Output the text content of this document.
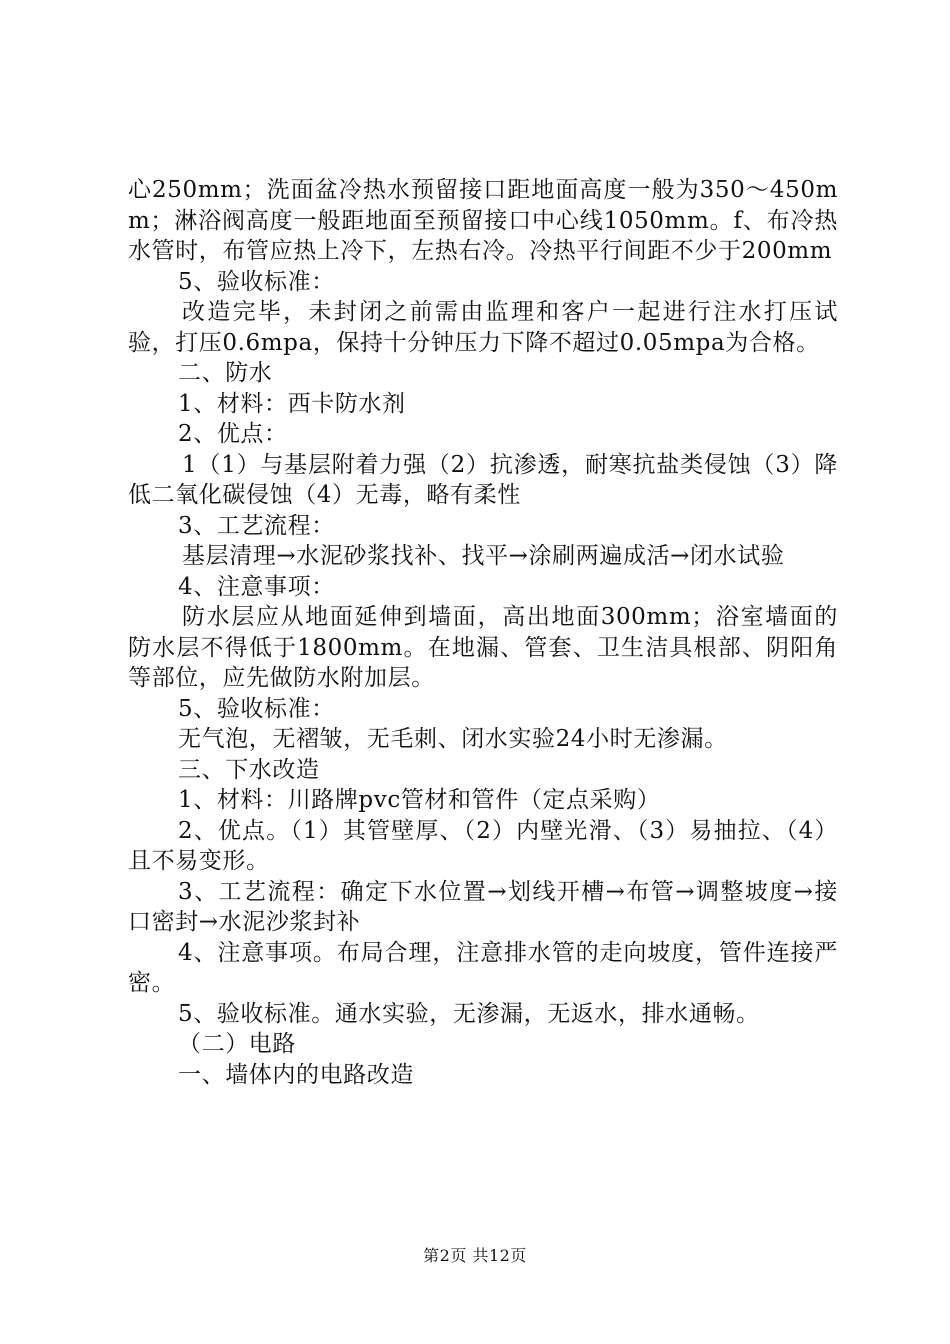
心250mm；洗面盆冷热水预留接口距地面高度一般为350～450mm；淋浴阀高度一般距地面至预留接口中心线1050mm。f、布冷热水管时，布管应热上冷下，左热右冷。冷热平行间距不少于200mm

5、验收标准：

改造完毕，未封闭之前需由监理和客户一起进行注水打压试验，打压0.6mpa，保持十分钟压力下降不超过0.05mpa为合格。

二、防水

1、材料：西卡防水剂

2、优点：

1（1）与基层附着力强（2）抗渗透，耐寒抗盐类侵蚀（3）降低二氧化碳侵蚀（4）无毒，略有柔性

3、工艺流程：

基层清理→水泥砂浆找补、找平→涂刷两遍成活→闭水试验

4、注意事项：

防水层应从地面延伸到墙面，高出地面300mm；浴室墙面的防水层不得低于1800mm。在地漏、管套、卫生洁具根部、阴阳角等部位，应先做防水附加层。

5、验收标准：

无气泡，无褶皱，无毛刺、闭水实验24小时无渗漏。

三、下水改造

1、材料：川路牌pvc管材和管件（定点采购）

2、优点。（1）其管壁厚、（2）内壁光滑、（3）易抽拉、（4）且不易变形。

3、工艺流程：确定下水位置→划线开槽→布管→调整坡度→接口密封→水泥沙浆封补

4、注意事项。布局合理，注意排水管的走向坡度，管件连接严密。

5、验收标准。通水实验，无渗漏，无返水，排水通畅。

（二）电路

一、墙体内的电路改造

第2页 共12页
